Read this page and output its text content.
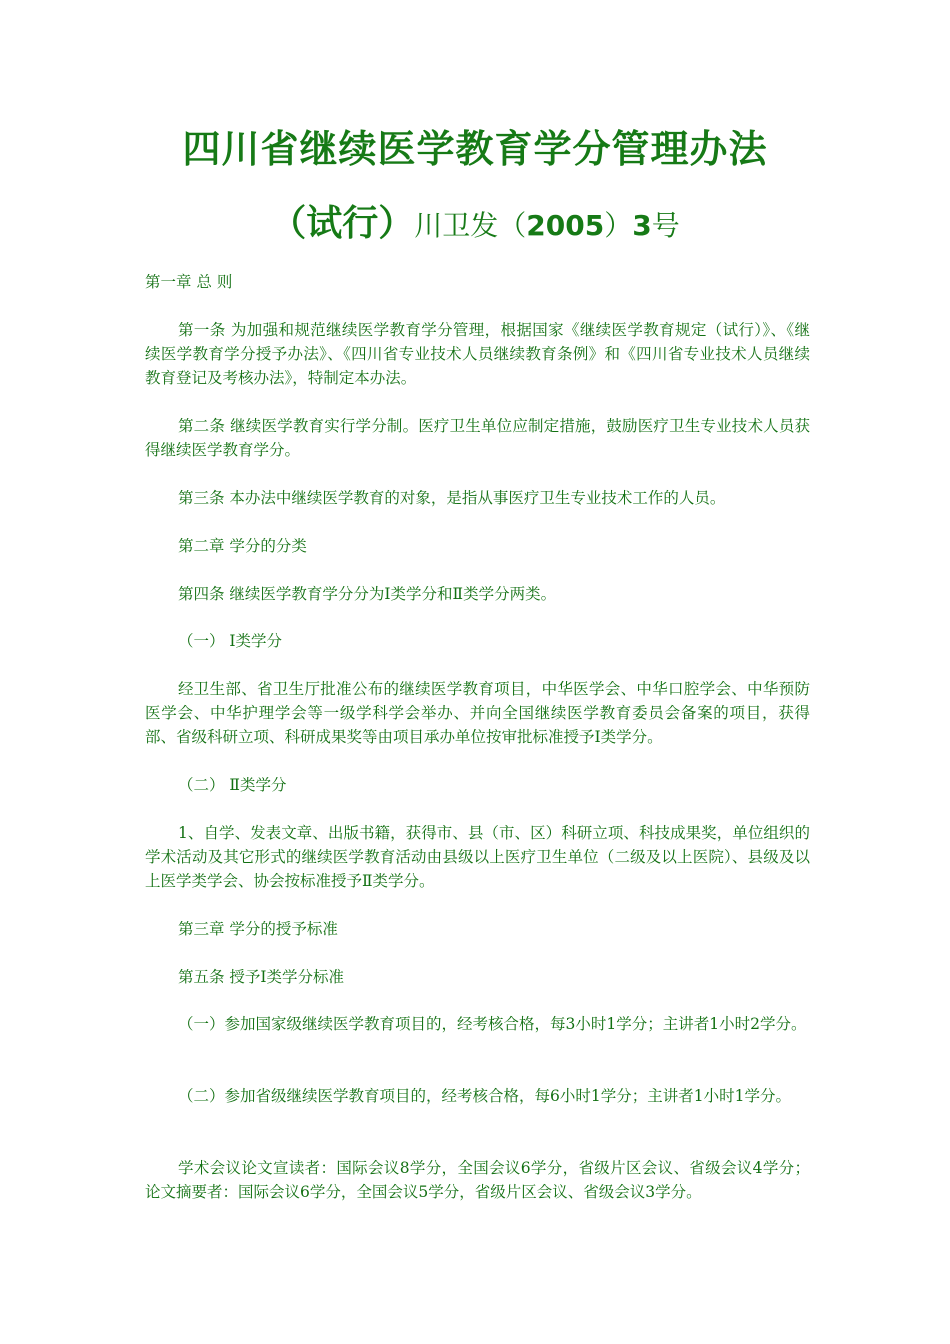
四川省继续医学教育学分管理办法
（试行）川卫发（2005）3号

第一章 总 则

第一条 为加强和规范继续医学教育学分管理，根据国家《继续医学教育规定（试行）》、《继续医学教育学分授予办法》、《四川省专业技术人员继续教育条例》和《四川省专业技术人员继续教育登记及考核办法》，特制定本办法。

第二条 继续医学教育实行学分制。医疗卫生单位应制定措施，鼓励医疗卫生专业技术人员获得继续医学教育学分。

第三条 本办法中继续医学教育的对象，是指从事医疗卫生专业技术工作的人员。

第二章 学分的分类

第四条 继续医学教育学分分为Ⅰ类学分和Ⅱ类学分两类。

（一） Ⅰ类学分

经卫生部、省卫生厅批准公布的继续医学教育项目，中华医学会、中华口腔学会、中华预防医学会、中华护理学会等一级学科学会举办、并向全国继续医学教育委员会备案的项目，获得部、省级科研立项、科研成果奖等由项目承办单位按审批标准授予Ⅰ类学分。

（二） Ⅱ类学分

1、自学、发表文章、出版书籍，获得市、县（市、区）科研立项、科技成果奖，单位组织的学术活动及其它形式的继续医学教育活动由县级以上医疗卫生单位（二级及以上医院）、县级及以上医学类学会、协会按标准授予Ⅱ类学分。

第三章 学分的授予标准

第五条 授予Ⅰ类学分标准

（一）参加国家级继续医学教育项目的，经考核合格，每3小时1学分；主讲者1小时2学分。

（二）参加省级继续医学教育项目的，经考核合格，每6小时1学分；主讲者1小时1学分。

学术会议论文宣读者：国际会议8学分，全国会议6学分，省级片区会议、省级会议4学分；论文摘要者：国际会议6学分，全国会议5学分，省级片区会议、省级会议3学分。
